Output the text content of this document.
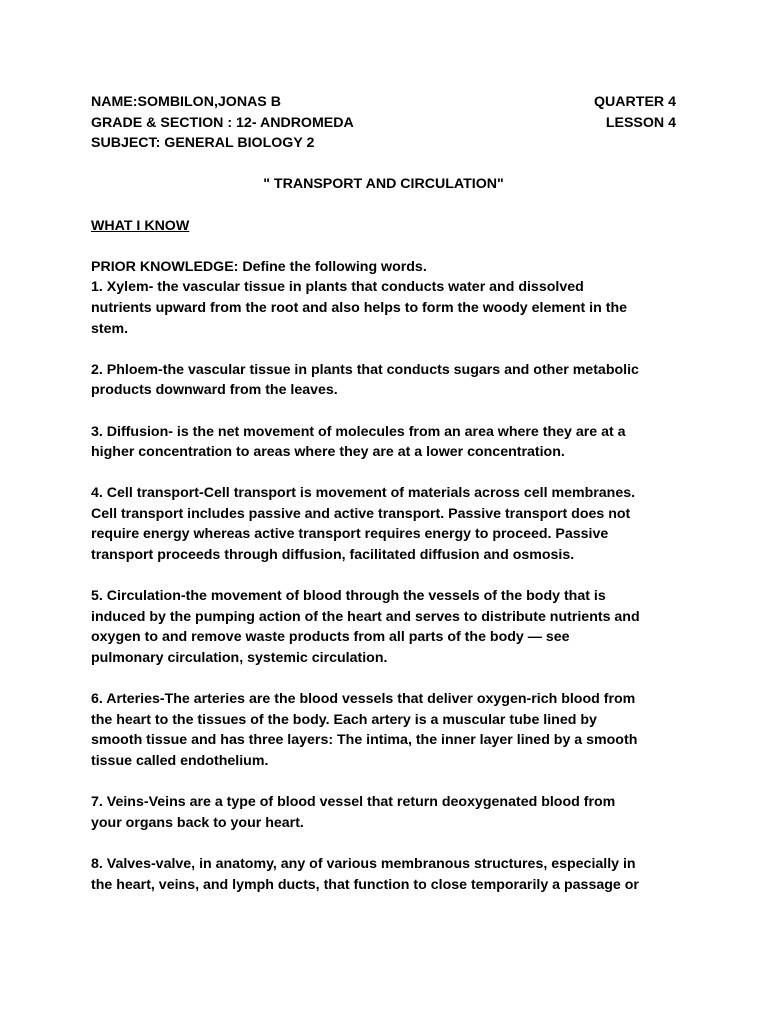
NAME:SOMBILON,JONAS B	QUARTER 4
GRADE & SECTION : 12- ANDROMEDA	LESSON 4
SUBJECT: GENERAL BIOLOGY 2
" TRANSPORT AND CIRCULATION"
WHAT I KNOW
PRIOR KNOWLEDGE: Define the following words.
1. Xylem- the vascular tissue in plants that conducts water and dissolved
nutrients upward from the root and also helps to form the woody element in the
stem.
2. Phloem-the vascular tissue in plants that conducts sugars and other metabolic
products downward from the leaves.
3. Diffusion- is the net movement of molecules from an area where they are at a
higher concentration to areas where they are at a lower concentration.
4. Cell transport-Cell transport is movement of materials across cell membranes.
Cell transport includes passive and active transport. Passive transport does not
require energy whereas active transport requires energy to proceed. Passive
transport proceeds through diffusion, facilitated diffusion and osmosis.
5. Circulation-the movement of blood through the vessels of the body that is
induced by the pumping action of the heart and serves to distribute nutrients and
oxygen to and remove waste products from all parts of the body — see
pulmonary circulation, systemic circulation.
6. Arteries-The arteries are the blood vessels that deliver oxygen-rich blood from
the heart to the tissues of the body. Each artery is a muscular tube lined by
smooth tissue and has three layers: The intima, the inner layer lined by a smooth
tissue called endothelium.
7. Veins-Veins are a type of blood vessel that return deoxygenated blood from
your organs back to your heart.
8. Valves-valve, in anatomy, any of various membranous structures, especially in
the heart, veins, and lymph ducts, that function to close temporarily a passage or
